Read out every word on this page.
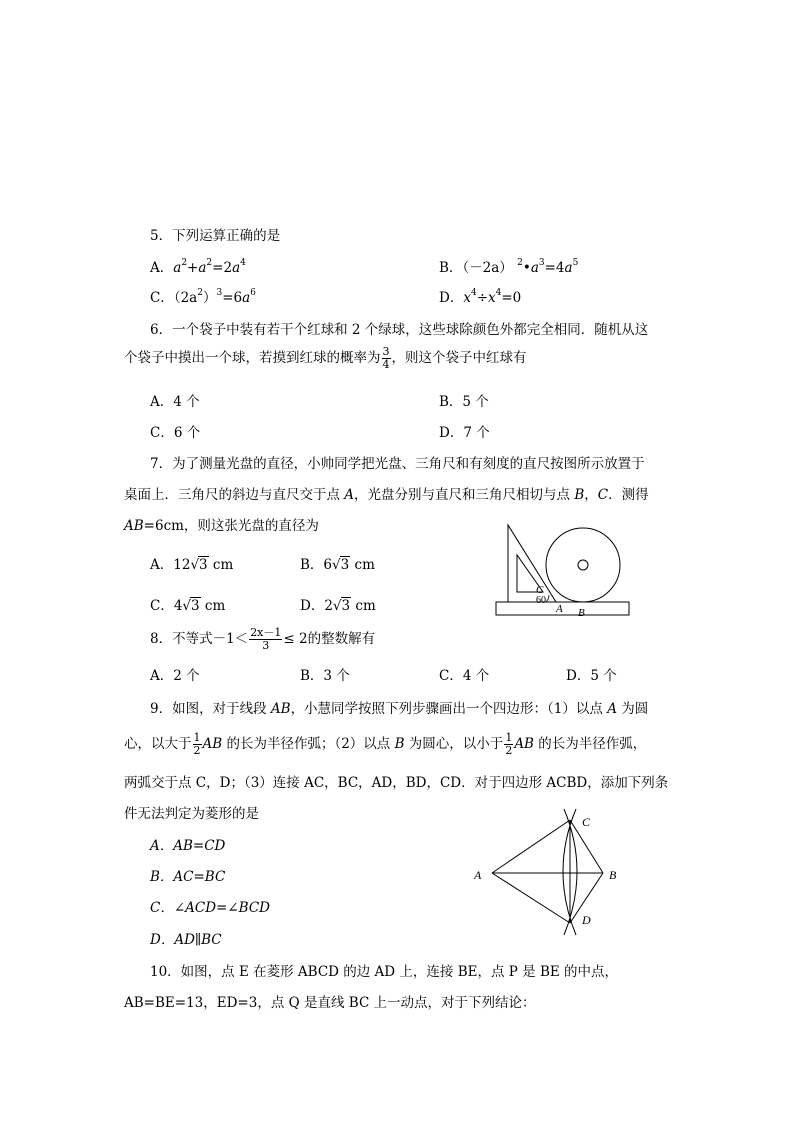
5．下列运算正确的是
A．$a^2+a^2=2a^4$	B．（－2a） $^2•a^3=4a^5$
C．$(2a^2)^3=6a^6$	D．$x^4\div x^4=0$
6．一个袋子中装有若干个红球和 2 个绿球，这些球除颜色外都完全相同．随机从这
个袋子中摸出一个球，若摸到红球的概率为 $\frac{3}{4}$ ，则这个袋子中红球有
A．4 个	B．5 个
C．6 个	D．7 个
7．为了测量光盘的直径，小帅同学把光盘、三角尺和有刻度的直尺按图所示放置于
桌面上．三角尺的斜边与直尺交于点 A，光盘分别与直尺和三角尺相切与点 B，C．测得
AB=6cm，则这张光盘的直径为
A．12√3 cm	B．6√3 cm
C．4√3 cm	D．2√3 cm
C
60
A B
8．不等式$-1< \frac{2x-1}{3} \le 2$的整数解有
A．2 个	B．3 个	C．4 个	D．5 个
9．如图，对于线段 AB，小慧同学按照下列步骤画出一个四边形：（1）以点 A 为圆
心，以大于 $\frac{1}{2}$ AB 的长为半径作弧；（2）以点 B 为圆心，以小于 $\frac{1}{2}$ AB 的长为半径作弧，
两弧交于点 C，D；（3）连接 AC，BC，AD，BD，CD．对于四边形 ACBD，添加下列条
件无法判定为菱形的是
A．AB=CD
B．AC=BC
C．∠ACD=∠BCD
D．AD∥BC
A	B
C
D
10．如图，点 E 在菱形 ABCD 的边 AD 上，连接 BE，点 P 是 BE 的中点，
AB=BE=13，ED=3，点 Q 是直线 BC 上一动点，对于下列结论：
